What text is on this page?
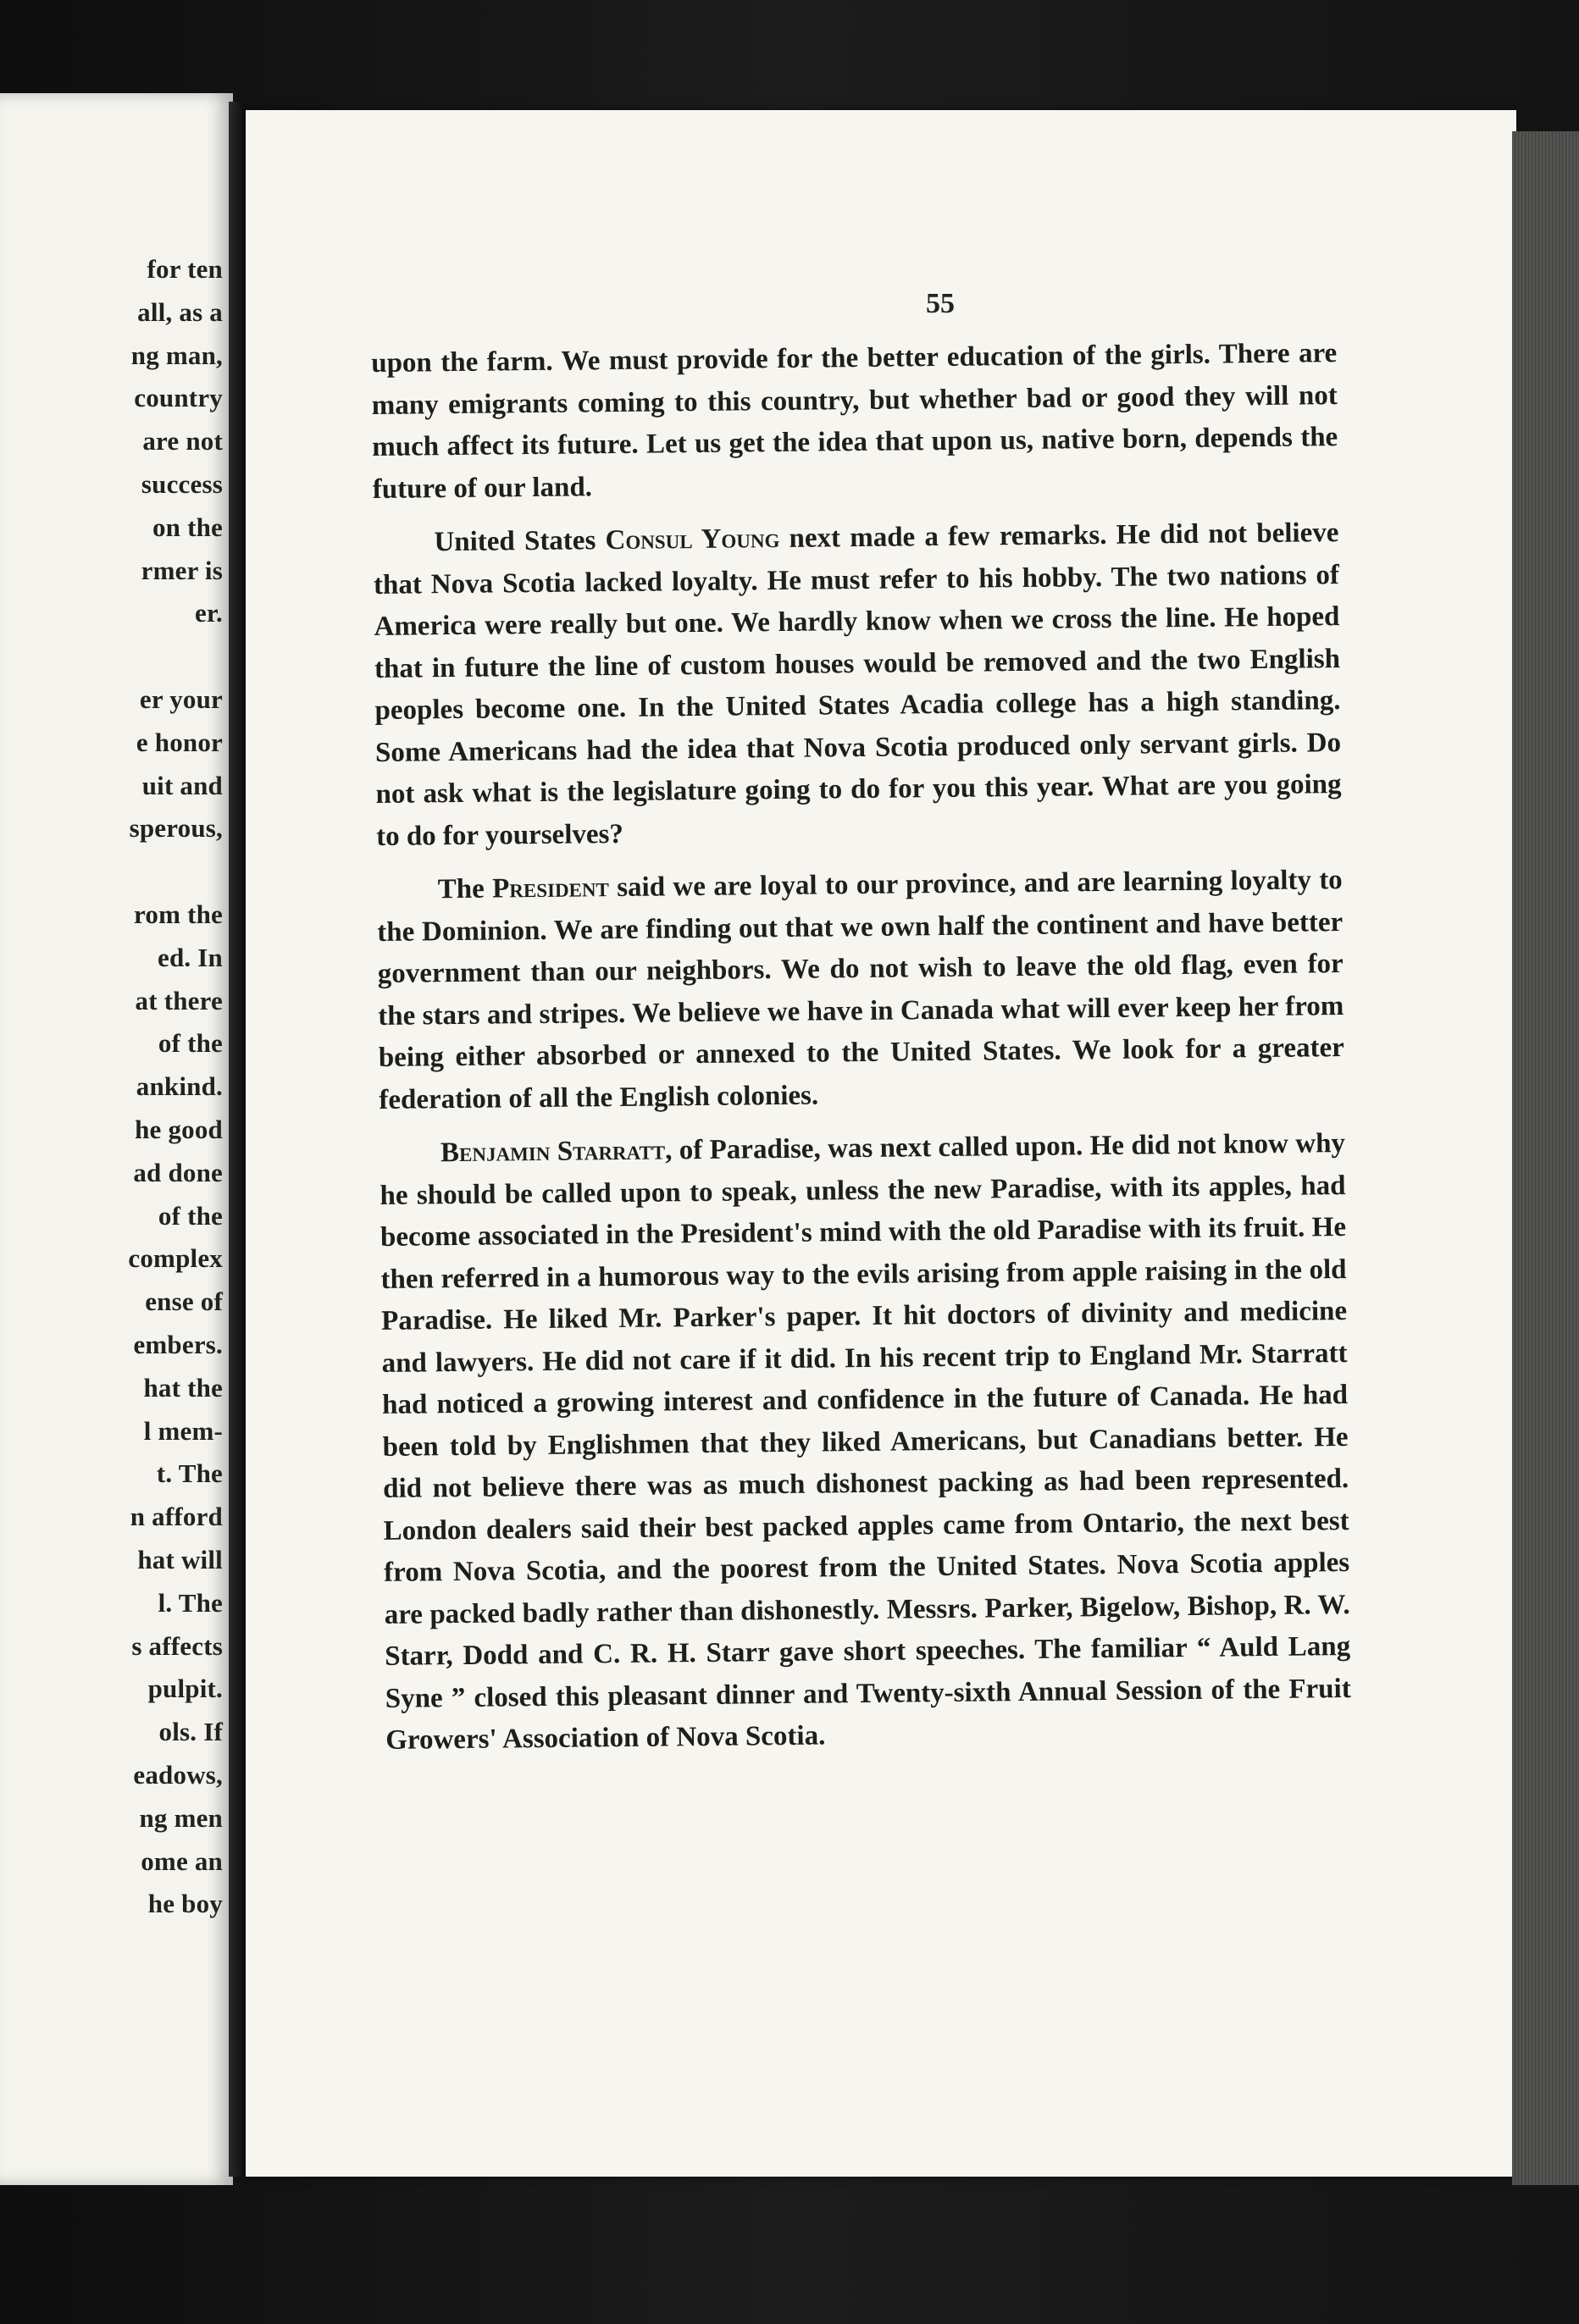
for ten
all, as a
ng man,
country
are not
success
on the
rmer is
er.
er your
e honor
uit and
sperous,
rom the
ed. In
at there
of the
ankind.
he good
ad done
of the
complex
ense of
embers.
hat the
l mem-
t. The
n afford
hat will
l. The
s affects
pulpit.
ols. If
eadows,
ng men
ome an
he boy
55

upon the farm. We must provide for the better education of the girls. There are many emigrants coming to this country, but whether bad or good they will not much affect its future. Let us get the idea that upon us, native born, depends the future of our land.

United States Consul Young next made a few remarks. He did not believe that Nova Scotia lacked loyalty. He must refer to his hobby. The two nations of America were really but one. We hardly know when we cross the line. He hoped that in future the line of custom houses would be removed and the two English peoples become one. In the United States Acadia college has a high standing. Some Americans had the idea that Nova Scotia produced only servant girls. Do not ask what is the legislature going to do for you this year. What are you going to do for yourselves?

The President said we are loyal to our province, and are learning loyalty to the Dominion. We are finding out that we own half the continent and have better government than our neighbors. We do not wish to leave the old flag, even for the stars and stripes. We believe we have in Canada what will ever keep her from being either absorbed or annexed to the United States. We look for a greater federation of all the English colonies.

Benjamin Starratt, of Paradise, was next called upon. He did not know why he should be called upon to speak, unless the new Paradise, with its apples, had become associated in the President's mind with the old Paradise with its fruit. He then referred in a humorous way to the evils arising from apple raising in the old Paradise. He liked Mr. Parker's paper. It hit doctors of divinity and medicine and lawyers. He did not care if it did. In his recent trip to England Mr. Starratt had noticed a growing interest and confidence in the future of Canada. He had been told by Englishmen that they liked Americans, but Canadians better. He did not believe there was as much dishonest packing as had been represented. London dealers said their best packed apples came from Ontario, the next best from Nova Scotia, and the poorest from the United States. Nova Scotia apples are packed badly rather than dishonestly. Messrs. Parker, Bigelow, Bishop, R. W. Starr, Dodd and C. R. H. Starr gave short speeches. The familiar “ Auld Lang Syne ” closed this pleasant dinner and Twenty-sixth Annual Session of the Fruit Growers' Association of Nova Scotia.
